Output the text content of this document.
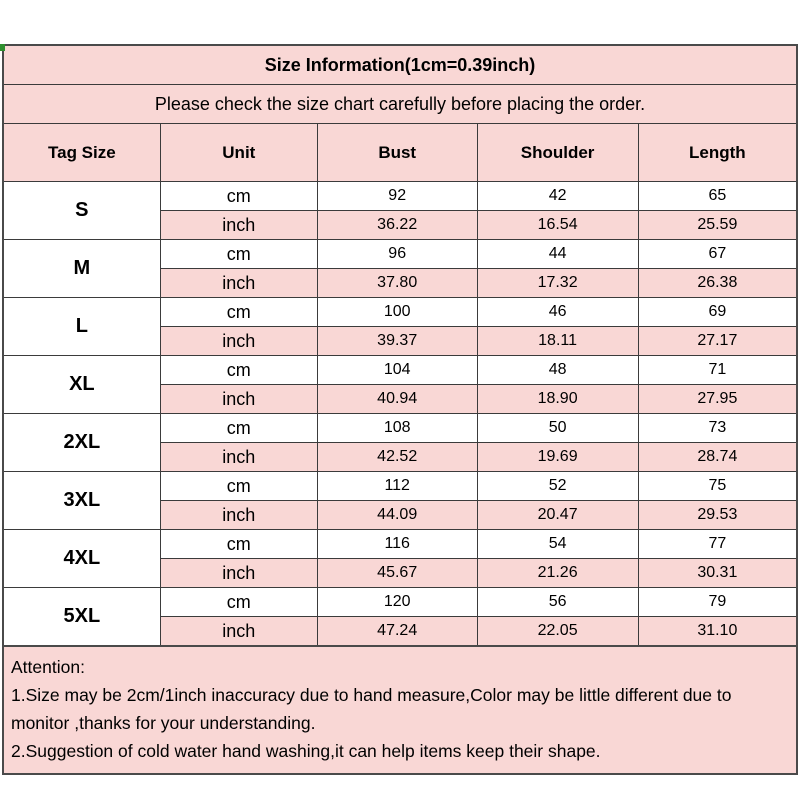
Size Information(1cm=0.39inch)				
Please check the size chart carefully before placing the order.				
Tag Size	Unit	Bust	Shoulder	Length
S	cm	92	42	65
	inch	36.22	16.54	25.59
M	cm	96	44	67
	inch	37.80	17.32	26.38
L	cm	100	46	69
	inch	39.37	18.11	27.17
XL	cm	104	48	71
	inch	40.94	18.90	27.95
2XL	cm	108	50	73
	inch	42.52	19.69	28.74
3XL	cm	112	52	75
	inch	44.09	20.47	29.53
4XL	cm	116	54	77
	inch	45.67	21.26	30.31
5XL	cm	120	56	79
	inch	47.24	22.05	31.10
Attention:
1.Size may be 2cm/1inch inaccuracy due to hand measure,Color may be little different due to monitor ,thanks for your understanding.
2.Suggestion of cold water hand washing,it can help items keep their shape.
